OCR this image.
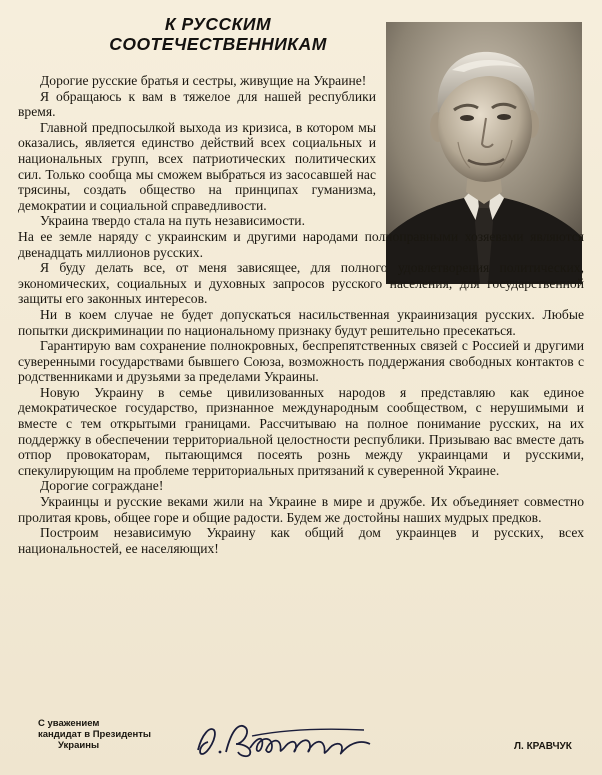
К РУССКИМ
СООТЕЧЕСТВЕННИКАМ

Дорогие русские братья и сестры, живущие на Украине!

Я обращаюсь к вам в тяжелое для нашей республики время.

Главной предпосылкой выхода из кризиса, в котором мы оказались, является единство действий всех социальных и национальных групп, всех патриотических политических сил. Только сообща мы сможем выбраться из засосавшей нас трясины, создать общество на принципах гуманизма, демократии и социальной справедливости.

Украина твердо стала на путь независимости.

На ее земле наряду с украинским и другими народами полноправными хозяевами являются двенадцать миллионов русских.

Я буду делать все, от меня зависящее, для полного удовлетворения политических, экономических, социальных и духовных запросов русского населения, для государственной защиты его законных интересов.

Ни в коем случае не будет допускаться насильственная украинизация русских. Любые попытки дискриминации по национальному признаку будут решительно пресекаться.

Гарантирую вам сохранение полнокровных, беспрепятственных связей с Россией и другими суверенными государствами бывшего Союза, возможность поддержания свободных контактов с родственниками и друзьями за пределами Украины.

Новую Украину в семье цивилизованных народов я представляю как единое демократическое государство, признанное международным сообществом, с нерушимыми и вместе с тем открытыми границами. Рассчитываю на полное понимание русских, на их поддержку в обеспечении территориальной целостности республики. Призываю вас вместе дать отпор провокаторам, пытающимся посеять рознь между украинцами и русскими, спекулирующим на проблеме территориальных притязаний к суверенной Украине.

Дорогие сограждане!

Украинцы и русские веками жили на Украине в мире и дружбе. Их объединяет совместно пролитая кровь, общее горе и общие радости. Будем же достойны наших мудрых предков.

Построим независимую Украину как общий дом украинцев и русских, всех национальностей, ее населяющих!

С уважением
кандидат в Президенты
Украины
Л. Кравчук
Л. КРАВЧУК
